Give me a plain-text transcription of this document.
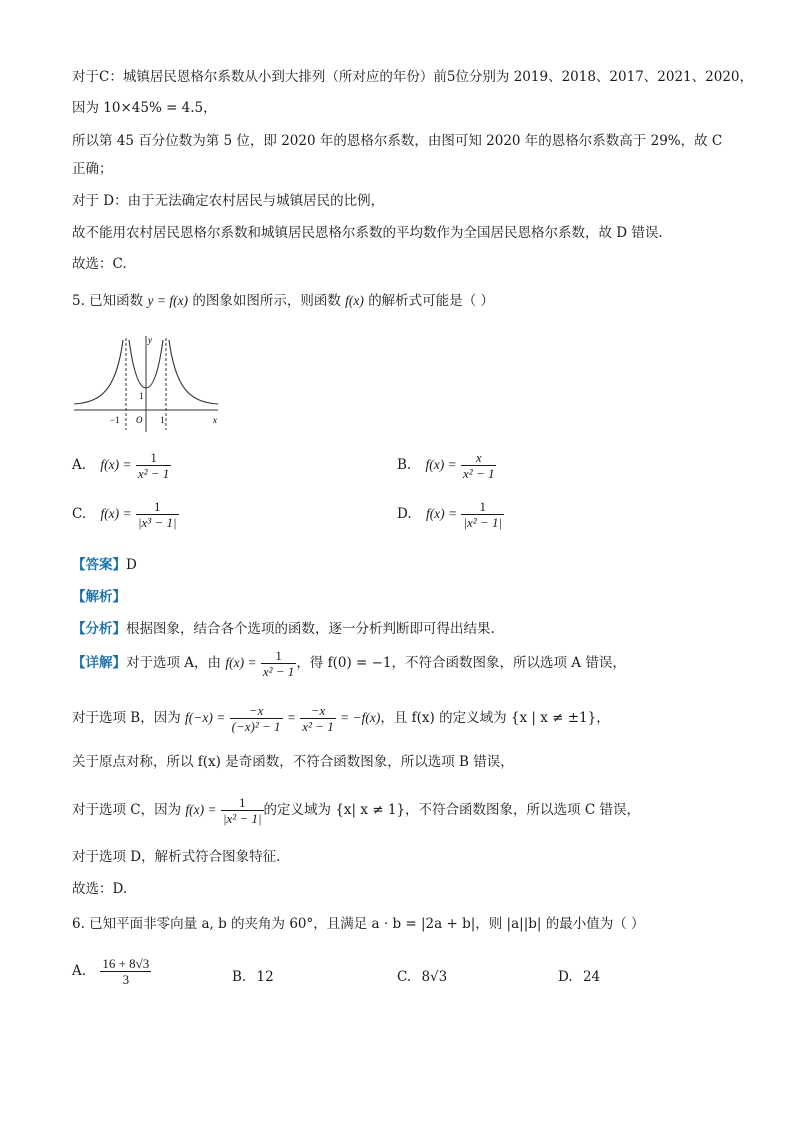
对于C：城镇居民恩格尔系数从小到大排列（所对应的年份）前5位分别为 2019、2018、2017、2021、2020，
因为 10×45% = 4.5，
所以第 45 百分位数为第 5 位，即 2020 年的恩格尔系数，由图可知 2020 年的恩格尔系数高于 29%，故 C
正确；
对于 D：由于无法确定农村居民与城镇居民的比例，
故不能用农村居民恩格尔系数和城镇居民恩格尔系数的平均数作为全国居民恩格尔系数，故 D 错误.
故选：C.
5. 已知函数 y = f(x) 的图象如图所示，则函数 f(x) 的解析式可能是（ ）
y
x
−1 O 1
1
A. $f(x) = \frac{1}{\text{x² − 1}}$	B. $f(x) = \frac{x}{\text{x² − 1}}$
C. $f(x) = \frac{1}{\text{|x³ − 1|}}$	D. $f(x) = \frac{1}{\text{|x² − 1|}}$
【答案】D
【解析】
【分析】根据图象，结合各个选项的函数，逐一分析判断即可得出结果.
【详解】对于选项 A，由 $f(x) = \frac{1}{\text{x² − 1}}$ ，得 f(0) = −1，不符合函数图象，所以选项 A 错误，
对于选项 B，因为 $f(-x) = \frac{-x}{\text{(−x)² − 1}} = \frac{-x}{\text{x² − 1}} = -f(x)$，且 f(x) 的定义域为 {x | x ≠ ±1}，
关于原点对称，所以 f(x) 是奇函数，不符合函数图象，所以选项 B 错误，
对于选项 C，因为 $f(x) = \frac{1}{\text{|x² − 1|}}$ 的定义域为 {x| x ≠ 1}，不符合函数图象，所以选项 C 错误，
对于选项 D，解析式符合图象特征.
故选：D.
6. 已知平面非零向量 a, b 的夹角为 60°，且满足 a · b = |2a + b|，则 |a||b| 的最小值为（ ）
A. $\frac{16 + 8√3}{3}$	B. 12	C. 8√3	D. 24
